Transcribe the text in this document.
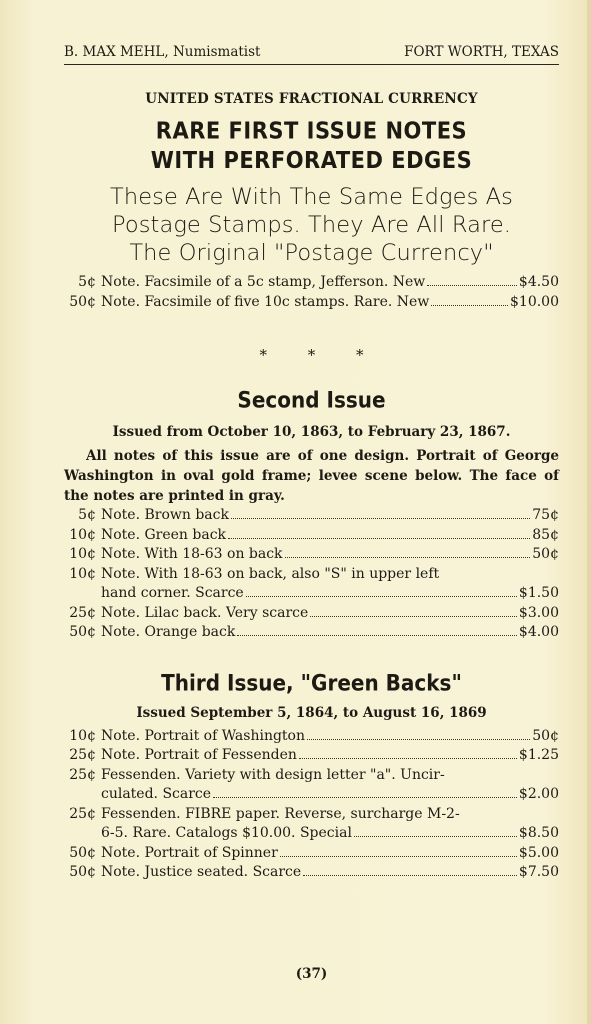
B. MAX MEHL, Numismatist	FORT WORTH, TEXAS
UNITED STATES FRACTIONAL CURRENCY
RARE FIRST ISSUE NOTES
WITH PERFORATED EDGES
These Are With The Same Edges As
Postage Stamps. They Are All Rare.
The Original "Postage Currency"
5¢ Note. Facsimile of a 5c stamp, Jefferson. New	$4.50
50¢ Note. Facsimile of five 10c stamps. Rare. New	$10.00
* * *
Second Issue
Issued from October 10, 1863, to February 23, 1867.
All notes of this issue are of one design. Portrait of George Washington in oval gold frame; levee scene below. The face of the notes are printed in gray.
5¢ Note. Brown back	75¢
10¢ Note. Green back	85¢
10¢ Note. With 18-63 on back	50¢
10¢ Note. With 18-63 on back, also "S" in upper left
hand corner. Scarce	$1.50
25¢ Note. Lilac back. Very scarce	$3.00
50¢ Note. Orange back	$4.00
Third Issue, "Green Backs"
Issued September 5, 1864, to August 16, 1869
10¢ Note. Portrait of Washington	50¢
25¢ Note. Portrait of Fessenden	$1.25
25¢ Fessenden. Variety with design letter "a". Uncir-
culated. Scarce	$2.00
25¢ Fessenden. FIBRE paper. Reverse, surcharge M-2-
6-5. Rare. Catalogs $10.00. Special	$8.50
50¢ Note. Portrait of Spinner	$5.00
50¢ Note. Justice seated. Scarce	$7.50
(37)
